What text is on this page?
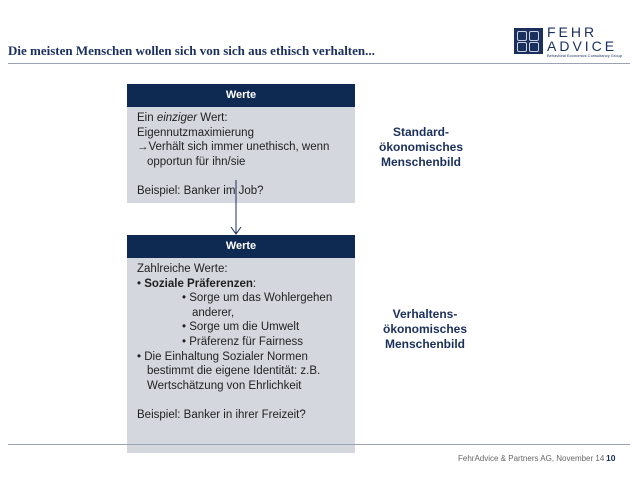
Die meisten Menschen wollen sich von sich aus ethisch verhalten...
FEHR
ADVICE
Behavioral Economics Consultancy Group
Werte
Ein einziger Wert:
Eigennutzmaximierung
→Verhält sich immer unethisch, wenn
opportun für ihn/sie
Beispiel: Banker im Job?
Werte
Zahlreiche Werte:
• Soziale Präferenzen:
• Sorge um das Wohlergehen
anderer,
• Sorge um die Umwelt
• Präferenz für Fairness
• Die Einhaltung Sozialer Normen
bestimmt die eigene Identität: z.B.
Wertschätzung von Ehrlichkeit
Beispiel: Banker in ihrer Freizeit?
Standard-
ökonomisches
Menschenbild
Verhaltens-
ökonomisches
Menschenbild
FehrAdvice & Partners AG, November 14 10
